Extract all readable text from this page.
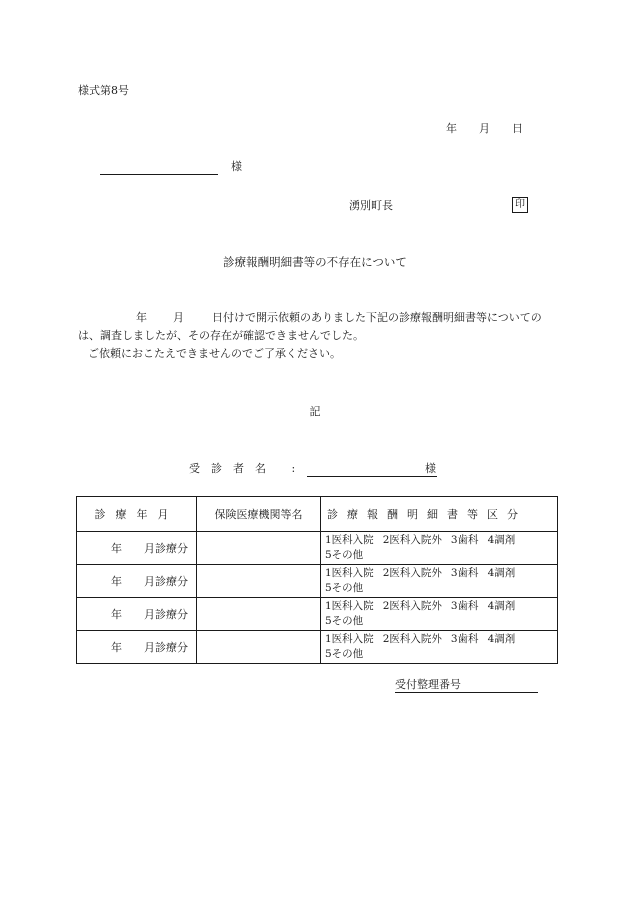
様式第8号
年 月 日
様
湧別町長	印
診療報酬明細書等の不存在について
年 月	日付けで開示依頼のありました下記の診療報酬明細書等についての
は、調査しましたが、その存在が確認できませんでした。
ご依頼におこたえできませんのでご了承ください。
記
受診者名 :	様
診療年月	保険医療機関等名	診療報酬明細書等区分
年 月診療分		1医科入院 2医科入院外 3歯科 4調剤
5その他
年 月診療分		1医科入院 2医科入院外 3歯科 4調剤
5その他
年 月診療分		1医科入院 2医科入院外 3歯科 4調剤
5その他
年 月診療分		1医科入院 2医科入院外 3歯科 4調剤
5その他
受付整理番号
